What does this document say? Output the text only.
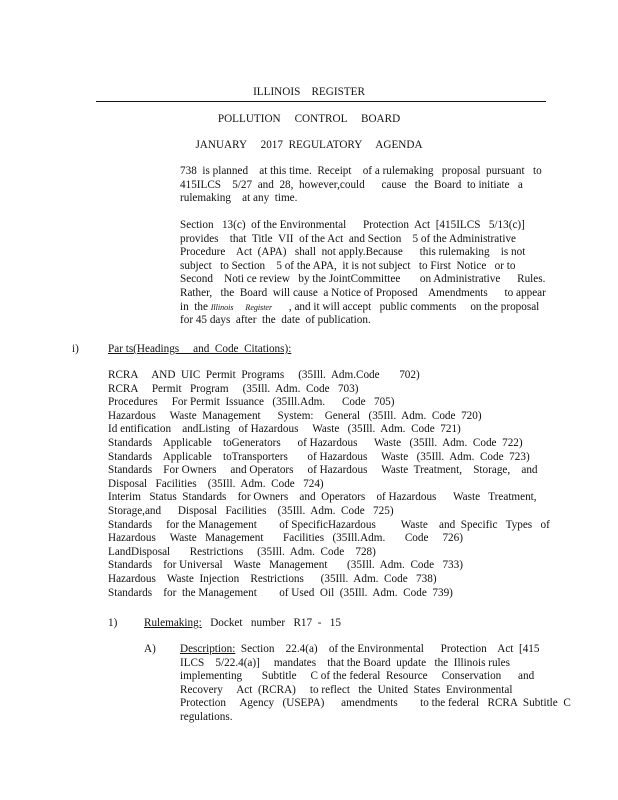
ILLINOIS    REGISTER
POLLUTION     CONTROL     BOARD
JANUARY     2017  REGULATORY     AGENDA
738  is planned    at this time.  Receipt    of a rulemaking   proposal  pursuant   to
415ILCS    5/27  and  28,  however,could      cause   the  Board  to initiate   a
rulemaking    at any  time.
Section   13(c)  of the Environmental      Protection  Act  [415ILCS   5/13(c)]
provides    that  Title  VII  of the Act  and Section    5 of the Administrative
Procedure    Act  (APA)   shall  not apply.Because      this rulemaking    is not
subject   to Section    5 of the APA,  it is not subject   to First  Notice   or to
Second    Noti ce review   by the JointCommittee       on Administrative      Rules.
Rather,   the  Board  will cause  a Notice of Proposed    Amendments      to appear
in  the Illinois      Register      , and it will accept   public comments     on the proposal
for 45 days  after  the  date  of publication.
i)	Par ts(Headings     and  Code  Citations):
RCRA     AND  UIC  Permit  Programs     (35Ill.  Adm.Code       702)
RCRA     Permit   Program     (35Ill.  Adm.  Code   703)
Procedures     For Permit  Issuance   (35Ill.Adm.      Code   705)
Hazardous     Waste  Management      System:    General   (35Ill.  Adm.  Code  720)
Id entification    andListing   of Hazardous     Waste   (35Ill.  Adm.  Code  721)
Standards    Applicable    toGenerators      of Hazardous      Waste   (35Ill.  Adm.  Code  722)
Standards    Applicable    toTransporters       of Hazardous     Waste   (35Ill.  Adm.  Code  723)
Standards    For Owners     and Operators     of Hazardous     Waste  Treatment,    Storage,    and
Disposal   Facilities    (35Ill.  Adm.  Code   724)
Interim   Status  Standards    for Owners    and  Operators    of Hazardous      Waste   Treatment,
Storage,and      Disposal   Facilities    (35Ill.  Adm.  Code   725)
Standards     for the Management        of SpecificHazardous         Waste    and  Specific   Types   of
Hazardous     Waste   Management       Facilities   (35Ill.Adm.       Code     726)
LandDisposal       Restrictions     (35Ill.  Adm.  Code    728)
Standards    for Universal    Waste   Management       (35Ill.  Adm.  Code   733)
Hazardous    Waste  Injection    Restrictions      (35Ill.  Adm.  Code   738)
Standards    for  the Management        of Used  Oil  (35Ill.  Adm.  Code  739)
1) Rulemaking:   Docket   number   R17  -   15
A) Description:  Section    22.4(a)    of the Environmental      Protection    Act  [415
ILCS    5/22.4(a)]     mandates    that the Board  update   the  Illinois rules
implementing       Subtitle     C of the federal  Resource     Conservation      and
Recovery     Act  (RCRA)     to reflect   the  United  States  Environmental
Protection     Agency   (USEPA)      amendments        to the federal   RCRA  Subtitle  C
regulations.
